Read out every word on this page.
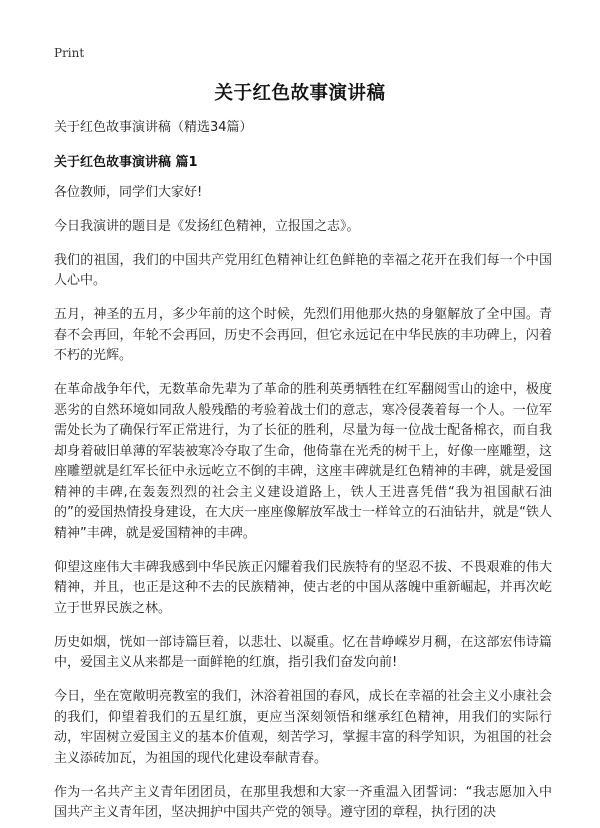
Print
关于红色故事演讲稿

关于红色故事演讲稿（精选34篇）

关于红色故事演讲稿 篇1

各位教师，同学们大家好!

今日我演讲的题目是《发扬红色精神，立报国之志》。

我们的祖国，我们的中国共产党用红色精神让红色鲜艳的幸福之花开在我们每一个中国人心中。

五月，神圣的五月，多少年前的这个时候，先烈们用他那火热的身躯解放了全中国。青春不会再回，年轮不会再回，历史不会再回，但它永远记在中华民族的丰功碑上，闪着不朽的光辉。

在革命战争年代，无数革命先辈为了革命的胜利英勇牺牲在红军翻阅雪山的途中，极度恶劣的自然环境如同敌人般残酷的考验着战士们的意志，寒冷侵袭着每一个人。一位军需处长为了确保行军正常进行，为了长征的胜利，尽量为每一位战士配备棉衣，而自我却身着破旧单薄的军装被寒冷夺取了生命，他倚靠在光秃的树干上，好像一座雕塑，这座雕塑就是红军长征中永远屹立不倒的丰碑，这座丰碑就是红色精神的丰碑，就是爱国精神的丰碑,在轰轰烈烈的社会主义建设道路上，铁人王进喜凭借“我为祖国献石油的”的爱国热情投身建设，在大庆一座座像解放军战士一样耸立的石油钻井，就是“铁人精神”丰碑，就是爱国精神的丰碑。

仰望这座伟大丰碑我感到中华民族正闪耀着我们民族特有的坚忍不拔、不畏艰难的伟大精神，并且，也正是这种不去的民族精神，使古老的中国从落魄中重新崛起，并再次屹立于世界民族之林。

历史如烟，恍如一部诗篇巨着，以悲壮、以凝重。忆在昔峥嵘岁月稠，在这部宏伟诗篇中，爱国主义从来都是一面鲜艳的红旗，指引我们奋发向前!

今日，坐在宽敞明亮教室的我们，沐浴着祖国的春风，成长在幸福的社会主义小康社会的我们，仰望着我们的五星红旗，更应当深刻领悟和继承红色精神，用我们的实际行动，牢固树立爱国主义的基本价值观，刻苦学习，掌握丰富的科学知识，为祖国的社会主义添砖加瓦，为祖国的现代化建设奉献青春。

作为一名共产主义青年团团员，在那里我想和大家一齐重温入团誓词：“我志愿加入中国共产主义青年团，坚决拥护中国共产党的领导。遵守团的章程，执行团的决
